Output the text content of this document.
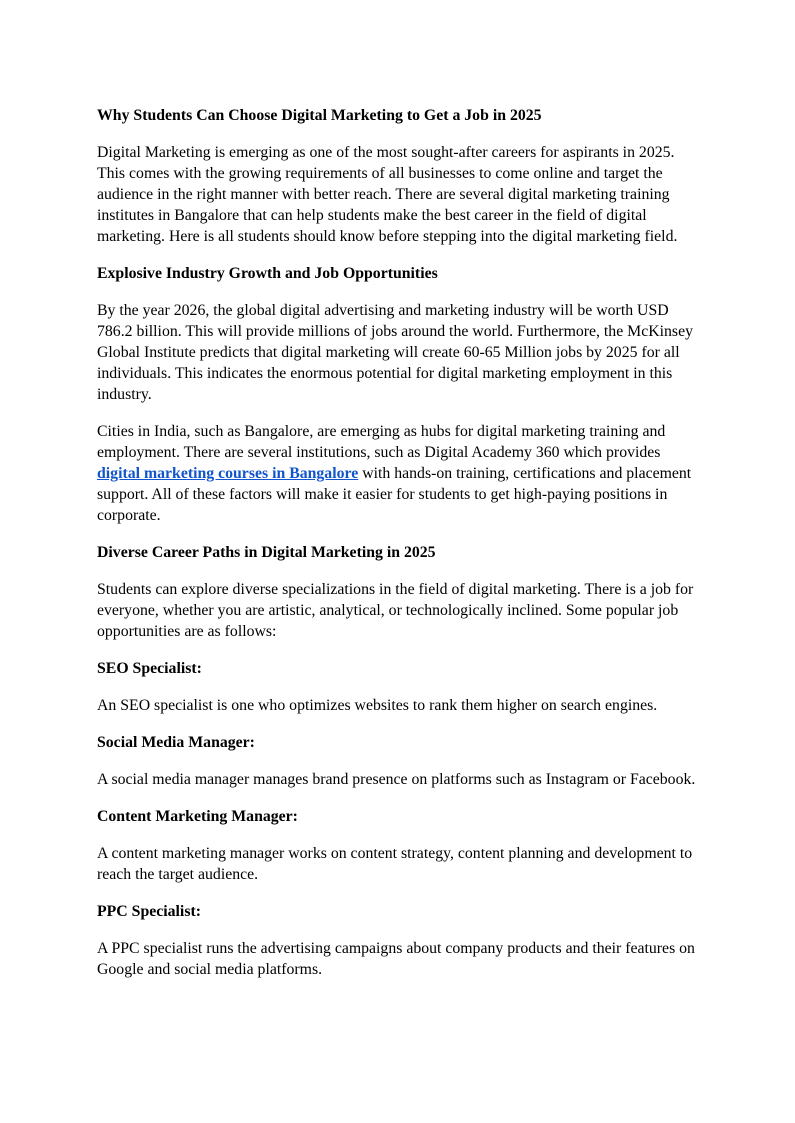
Why Students Can Choose Digital Marketing to Get a Job in 2025

Digital Marketing is emerging as one of the most sought-after careers for aspirants in 2025. This comes with the growing requirements of all businesses to come online and target the audience in the right manner with better reach. There are several digital marketing training institutes in Bangalore that can help students make the best career in the field of digital marketing. Here is all students should know before stepping into the digital marketing field.

Explosive Industry Growth and Job Opportunities

By the year 2026, the global digital advertising and marketing industry will be worth USD 786.2 billion. This will provide millions of jobs around the world. Furthermore, the McKinsey Global Institute predicts that digital marketing will create 60-65 Million jobs by 2025 for all individuals. This indicates the enormous potential for digital marketing employment in this industry.

Cities in India, such as Bangalore, are emerging as hubs for digital marketing training and employment. There are several institutions, such as Digital Academy 360 which provides digital marketing courses in Bangalore with hands-on training, certifications and placement support. All of these factors will make it easier for students to get high-paying positions in corporate.

Diverse Career Paths in Digital Marketing in 2025

Students can explore diverse specializations in the field of digital marketing. There is a job for everyone, whether you are artistic, analytical, or technologically inclined. Some popular job opportunities are as follows:

SEO Specialist:

An SEO specialist is one who optimizes websites to rank them higher on search engines.

Social Media Manager:

A social media manager manages brand presence on platforms such as Instagram or Facebook.

Content Marketing Manager:

A content marketing manager works on content strategy, content planning and development to reach the target audience.

PPC Specialist:

A PPC specialist runs the advertising campaigns about company products and their features on Google and social media platforms.
